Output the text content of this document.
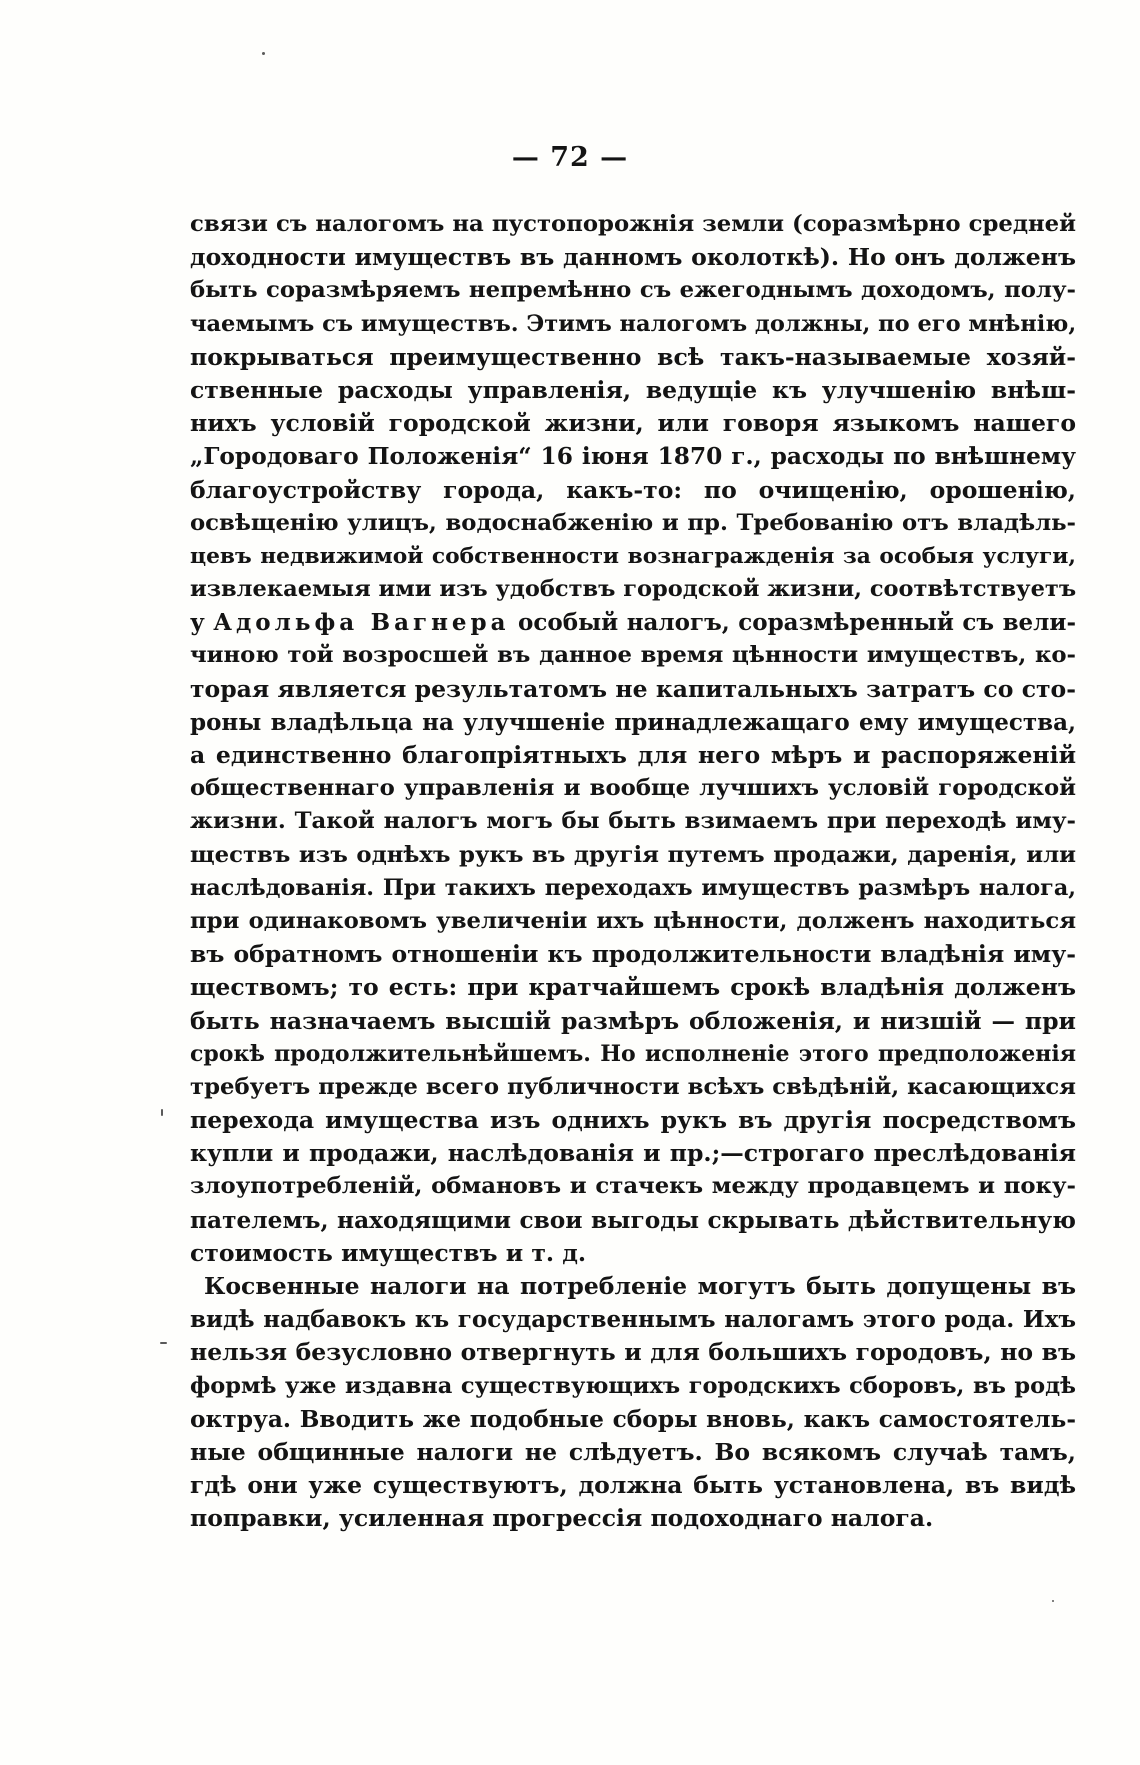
— 72 —
связи съ налогомъ на пустопорожнія земли (соразмѣрно средней
доходности имуществъ въ данномъ околоткѣ). Но онъ долженъ
быть соразмѣряемъ непремѣнно съ ежегоднымъ доходомъ, полу-
чаемымъ съ имуществъ. Этимъ налогомъ должны, по его мнѣнію,
покрываться преимущественно всѣ такъ-называемые хозяй-
ственные расходы управленія, ведущіе къ улучшенію внѣш-
нихъ условій городской жизни, или говоря языкомъ нашего
„Городоваго Положенія“ 16 іюня 1870 г., расходы по внѣшнему
благоустройству города, какъ-то: по очищенію, орошенію,
освѣщенію улицъ, водоснабженію и пр. Требованію отъ владѣль-
цевъ недвижимой собственности вознагражденія за особыя услуги,
извлекаемыя ими изъ удобствъ городской жизни, соотвѣтствуетъ
у Адольфа Вагнера особый налогъ, соразмѣренный съ вели-
чиною той возросшей въ данное время цѣнности имуществъ, ко-
торая является результатомъ не капитальныхъ затратъ со сто-
роны владѣльца на улучшеніе принадлежащаго ему имущества,
а единственно благопріятныхъ для него мѣръ и распоряженій
общественнаго управленія и вообще лучшихъ условій городской
жизни. Такой налогъ могъ бы быть взимаемъ при переходѣ иму-
ществъ изъ однѣхъ рукъ въ другія путемъ продажи, даренія, или
наслѣдованія. При такихъ переходахъ имуществъ размѣръ налога,
при одинаковомъ увеличеніи ихъ цѣнности, долженъ находиться
въ обратномъ отношеніи къ продолжительности владѣнія иму-
ществомъ; то есть: при кратчайшемъ срокѣ владѣнія долженъ
быть назначаемъ высшій размѣръ обложенія, и низшій — при
срокѣ продолжительнѣйшемъ. Но исполненіе этого предположенія
требуетъ прежде всего публичности всѣхъ свѣдѣній, касающихся
перехода имущества изъ однихъ рукъ въ другія посредствомъ
купли и продажи, наслѣдованія и пр.;—строгаго преслѣдованія
злоупотребленій, обмановъ и стачекъ между продавцемъ и поку-
пателемъ, находящими свои выгоды скрывать дѣйствительную
стоимость имуществъ и т. д.
Косвенные налоги на потребленіе могутъ быть допущены въ
видѣ надбавокъ къ государственнымъ налогамъ этого рода. Ихъ
нельзя безусловно отвергнуть и для большихъ городовъ, но въ
формѣ уже издавна существующихъ городскихъ сборовъ, въ родѣ
октруа. Вводить же подобные сборы вновь, какъ самостоятель-
ные общинные налоги не слѣдуетъ. Во всякомъ случаѣ тамъ,
гдѣ они уже существуютъ, должна быть установлена, въ видѣ
поправки, усиленная прогрессія подоходнаго налога.
